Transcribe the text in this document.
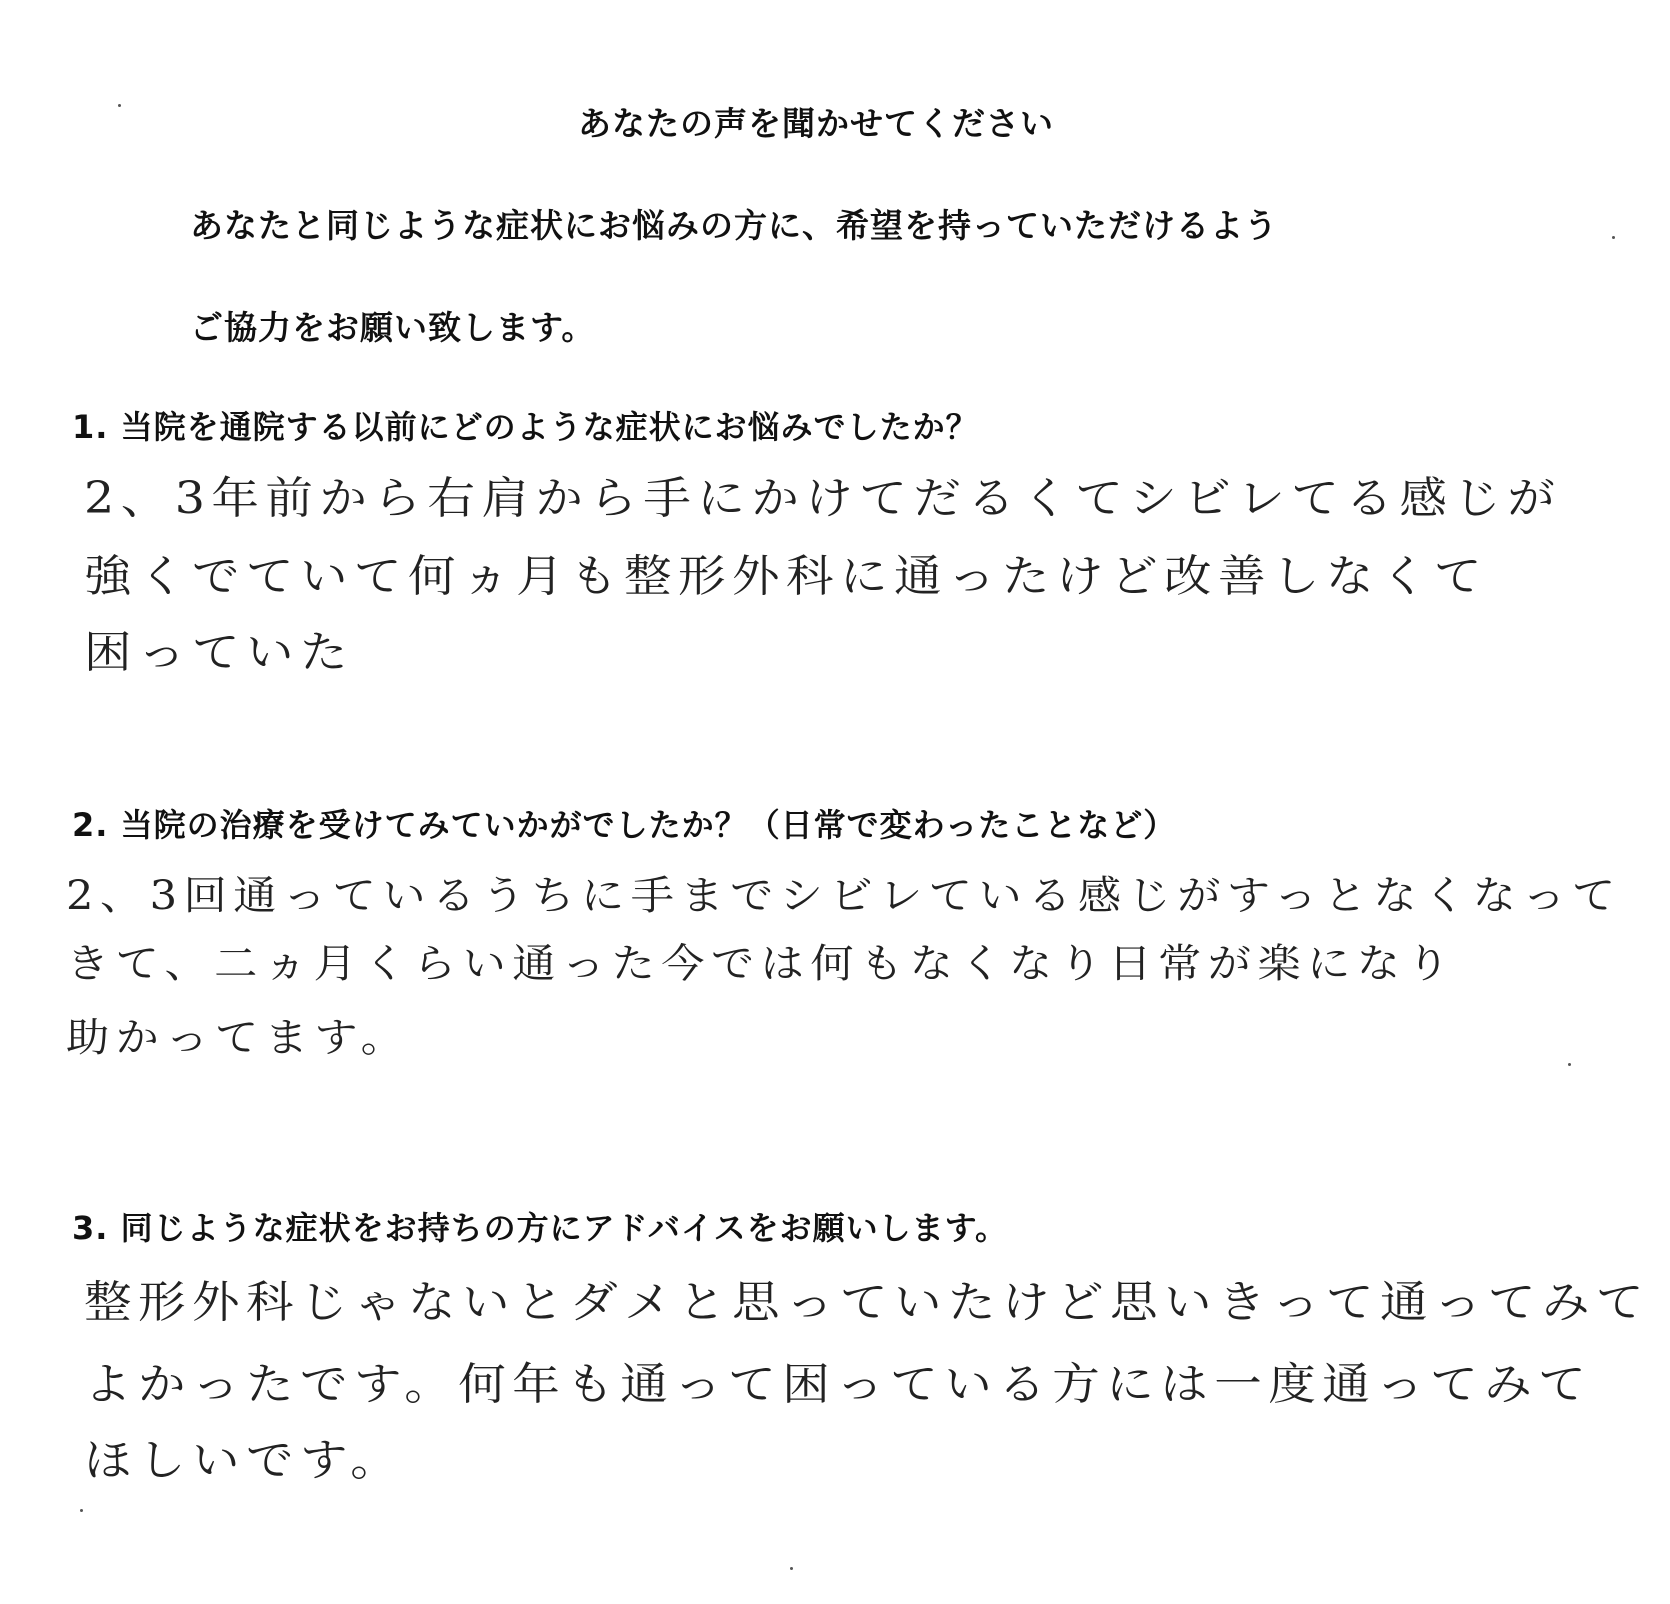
あなたの声を聞かせてください
あなたと同じような症状にお悩みの方に、希望を持っていただけるよう
ご協力をお願い致します。
1. 当院を通院する以前にどのような症状にお悩みでしたか？
2、3年前から右肩から手にかけてだるくてシビレてる感じが
強くでていて何ヵ月も整形外科に通ったけど改善しなくて
困っていた
2. 当院の治療を受けてみていかがでしたか？（日常で変わったことなど）
2、3回通っているうちに手までシビレている感じがすっとなくなって
きて、二ヵ月くらい通った今では何もなくなり日常が楽になり
助かってます。
3. 同じような症状をお持ちの方にアドバイスをお願いします。
整形外科じゃないとダメと思っていたけど思いきって通ってみて
よかったです。何年も通って困っている方には一度通ってみて
ほしいです。
